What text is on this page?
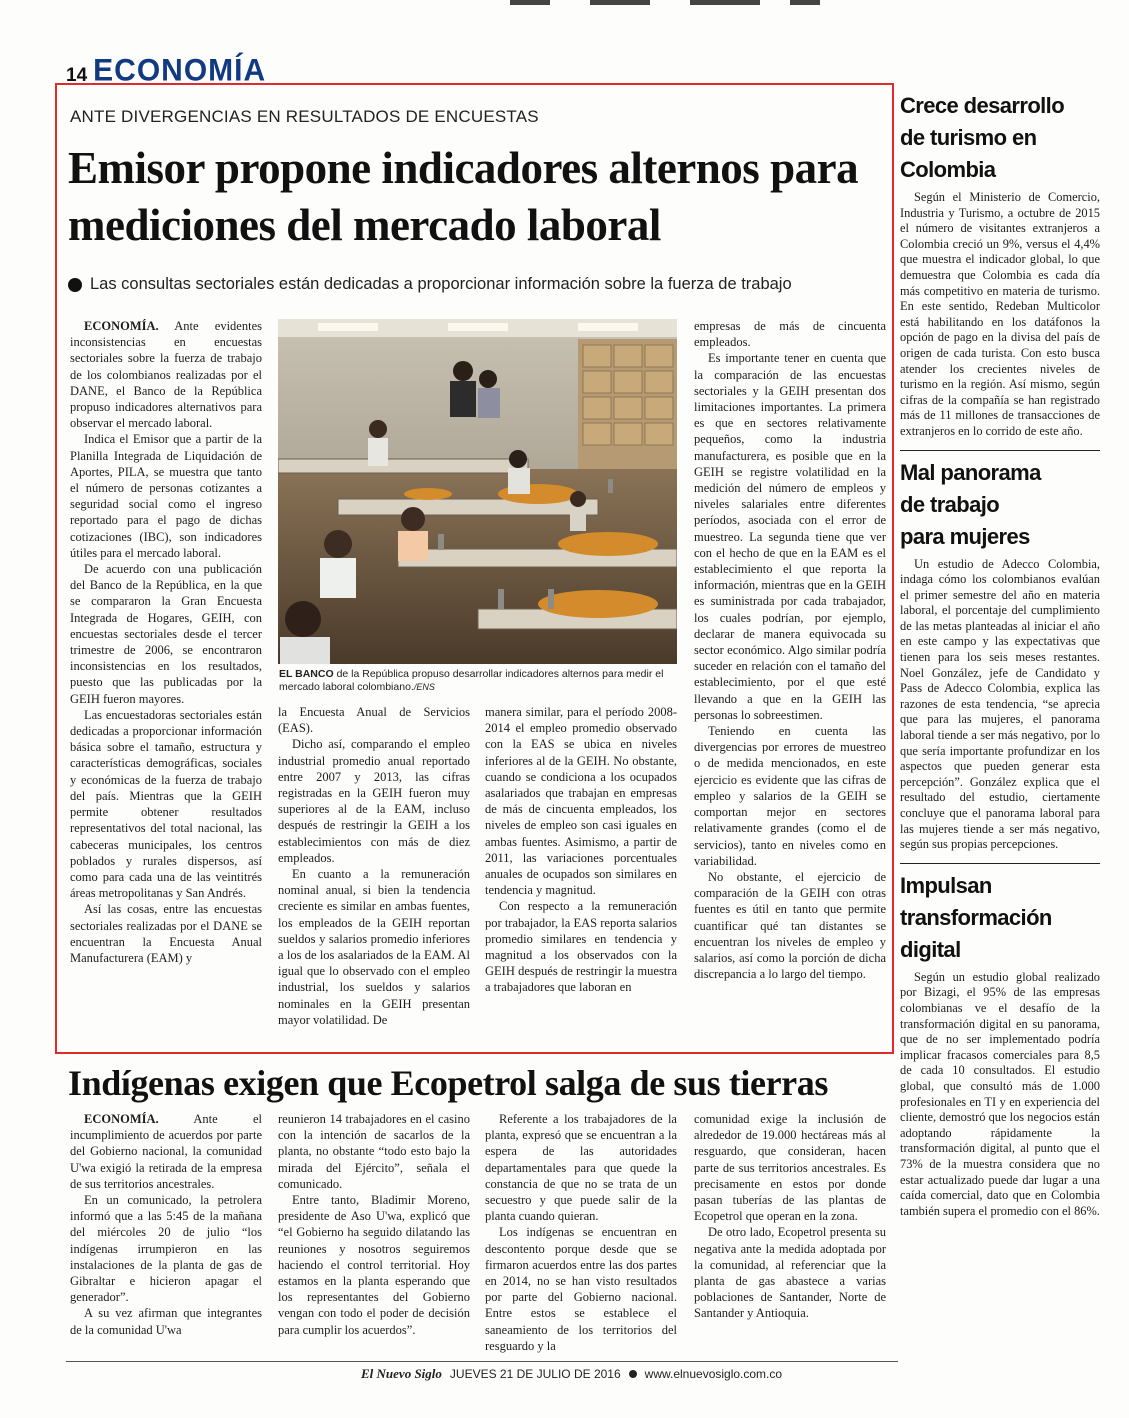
14 ECONOMÍA
ANTE DIVERGENCIAS EN RESULTADOS DE ENCUESTAS
Emisor propone indicadores alternos para mediciones del mercado laboral
Las consultas sectoriales están dedicadas a proporcionar información sobre la fuerza de trabajo

ECONOMÍA. Ante evidentes inconsistencias en encuestas sectoriales sobre la fuerza de trabajo de los colombianos realizadas por el DANE, el Banco de la República propuso indicadores alternativos para observar el mercado laboral.

Indica el Emisor que a partir de la Planilla Integrada de Liquidación de Aportes, PILA, se muestra que tanto el número de personas cotizantes a seguridad social como el ingreso reportado para el pago de dichas cotizaciones (IBC), son indicadores útiles para el mercado laboral.

De acuerdo con una publicación del Banco de la República, en la que se compararon la Gran Encuesta Integrada de Hogares, GEIH, con encuestas sectoriales desde el tercer trimestre de 2006, se encontraron inconsistencias en los resultados, puesto que las publicadas por la GEIH fueron mayores.

Las encuestadoras sectoriales están dedicadas a proporcionar información básica sobre el tamaño, estructura y características demográficas, sociales y económicas de la fuerza de trabajo del país. Mientras que la GEIH permite obtener resultados representativos del total nacional, las cabeceras municipales, los centros poblados y rurales dispersos, así como para cada una de las veintitrés áreas metropolitanas y San Andrés.

Así las cosas, entre las encuestas sectoriales realizadas por el DANE se encuentran la Encuesta Anual Manufacturera (EAM) y

EL BANCO de la República propuso desarrollar indicadores alternos para medir el mercado laboral colombiano./ENS

la Encuesta Anual de Servicios (EAS).

Dicho así, comparando el empleo industrial promedio anual reportado entre 2007 y 2013, las cifras registradas en la GEIH fueron muy superiores al de la EAM, incluso después de restringir la GEIH a los establecimientos con más de diez empleados.

En cuanto a la remuneración nominal anual, si bien la tendencia creciente es similar en ambas fuentes, los empleados de la GEIH reportan sueldos y salarios promedio inferiores a los de los asalariados de la EAM. Al igual que lo observado con el empleo industrial, los sueldos y salarios nominales en la GEIH presentan mayor volatilidad. De

manera similar, para el período 2008-2014 el empleo promedio observado con la EAS se ubica en niveles inferiores al de la GEIH. No obstante, cuando se condiciona a los ocupados asalariados que trabajan en empresas de más de cincuenta empleados, los niveles de empleo son casi iguales en ambas fuentes. Asimismo, a partir de 2011, las variaciones porcentuales anuales de ocupados son similares en tendencia y magnitud.

Con respecto a la remuneración por trabajador, la EAS reporta salarios promedio similares en tendencia y magnitud a los observados con la GEIH después de restringir la muestra a trabajadores que laboran en

empresas de más de cincuenta empleados.

Es importante tener en cuenta que la comparación de las encuestas sectoriales y la GEIH presentan dos limitaciones importantes. La primera es que en sectores relativamente pequeños, como la industria manufacturera, es posible que en la GEIH se registre volatilidad en la medición del número de empleos y niveles salariales entre diferentes períodos, asociada con el error de muestreo. La segunda tiene que ver con el hecho de que en la EAM es el establecimiento el que reporta la información, mientras que en la GEIH es suministrada por cada trabajador, los cuales podrían, por ejemplo, declarar de manera equivocada su sector económico. Algo similar podría suceder en relación con el tamaño del establecimiento, por el que esté llevando a que en la GEIH las personas lo sobreestimen.

Teniendo en cuenta las divergencias por errores de muestreo o de medida mencionados, en este ejercicio es evidente que las cifras de empleo y salarios de la GEIH se comportan mejor en sectores relativamente grandes (como el de servicios), tanto en niveles como en variabilidad.

No obstante, el ejercicio de comparación de la GEIH con otras fuentes es útil en tanto que permite cuantificar qué tan distantes se encuentran los niveles de empleo y salarios, así como la porción de dicha discrepancia a lo largo del tiempo.

Crece desarrollo
de turismo en
Colombia

Según el Ministerio de Comercio, Industria y Turismo, a octubre de 2015 el número de visitantes extranjeros a Colombia creció un 9%, versus el 4,4% que muestra el indicador global, lo que demuestra que Colombia es cada día más competitivo en materia de turismo. En este sentido, Redeban Multicolor está habilitando en los datáfonos la opción de pago en la divisa del país de origen de cada turista. Con esto busca atender los crecientes niveles de turismo en la región. Así mismo, según cifras de la compañía se han registrado más de 11 millones de transacciones de extranjeros en lo corrido de este año.

Mal panorama
de trabajo
para mujeres

Un estudio de Adecco Colombia, indaga cómo los colombianos evalúan el primer semestre del año en materia laboral, el porcentaje del cumplimiento de las metas planteadas al iniciar el año en este campo y las expectativas que tienen para los seis meses restantes. Noel González, jefe de Candidato y Pass de Adecco Colombia, explica las razones de esta tendencia, “se aprecia que para las mujeres, el panorama laboral tiende a ser más negativo, por lo que sería importante profundizar en los aspectos que pueden generar esta percepción”. González explica que el resultado del estudio, ciertamente concluye que el panorama laboral para las mujeres tiende a ser más negativo, según sus propias percepciones.

Impulsan
transformación
digital

Según un estudio global realizado por Bizagi, el 95% de las empresas colombianas ve el desafío de la transformación digital en su panorama, que de no ser implementado podría implicar fracasos comerciales para 8,5 de cada 10 consultados. El estudio global, que consultó más de 1.000 profesionales en TI y en experiencia del cliente, demostró que los negocios están adoptando rápidamente la transformación digital, al punto que el 73% de la muestra considera que no estar actualizado puede dar lugar a una caída comercial, dato que en Colombia también supera el promedio con el 86%.

Indígenas exigen que Ecopetrol salga de sus tierras

ECONOMÍA.	Ante el incumplimiento de acuerdos por parte del Gobierno nacional, la comunidad U'wa exigió la retirada de la empresa de sus territorios ancestrales.

En un comunicado, la petrolera informó que a las 5:45 de la mañana del miércoles 20 de julio “los indígenas irrumpieron en las instalaciones de la planta de gas de Gibraltar e hicieron apagar el generador”.

A su vez afirman que integrantes de la comunidad U'wa

reunieron 14 trabajadores en el casino con la intención de sacarlos de la planta, no obstante “todo esto bajo la mirada del Ejército”, señala el comunicado.

Entre tanto, Bladimir Moreno, presidente de Aso U'wa, explicó que “el Gobierno ha seguido dilatando las reuniones y nosotros seguiremos haciendo el control territorial. Hoy estamos en la planta esperando que los representantes del Gobierno vengan con todo el poder de decisión para cumplir los acuerdos”.

Referente a los trabajadores de la planta, expresó que se encuentran a la espera de las autoridades departamentales para que quede la constancia de que no se trata de un secuestro y que puede salir de la planta cuando quieran.

Los indígenas se encuentran en descontento porque desde que se firmaron acuerdos entre las dos partes en 2014, no se han visto resultados por parte del Gobierno nacional. Entre estos se establece el saneamiento de los territorios del resguardo y la

comunidad exige la inclusión de alrededor de 19.000 hectáreas más al resguardo, que consideran, hacen parte de sus territorios ancestrales. Es precisamente en estos por donde pasan tuberías de las plantas de Ecopetrol que operan en la zona.

De otro lado, Ecopetrol presenta su negativa ante la medida adoptada por la comunidad, al referenciar que la planta de gas abastece a varias poblaciones de Santander, Norte de Santander y Antioquia.

El Nuevo Siglo JUEVES 21 DE JULIO DE 2016 www.elnuevosiglo.com.co
